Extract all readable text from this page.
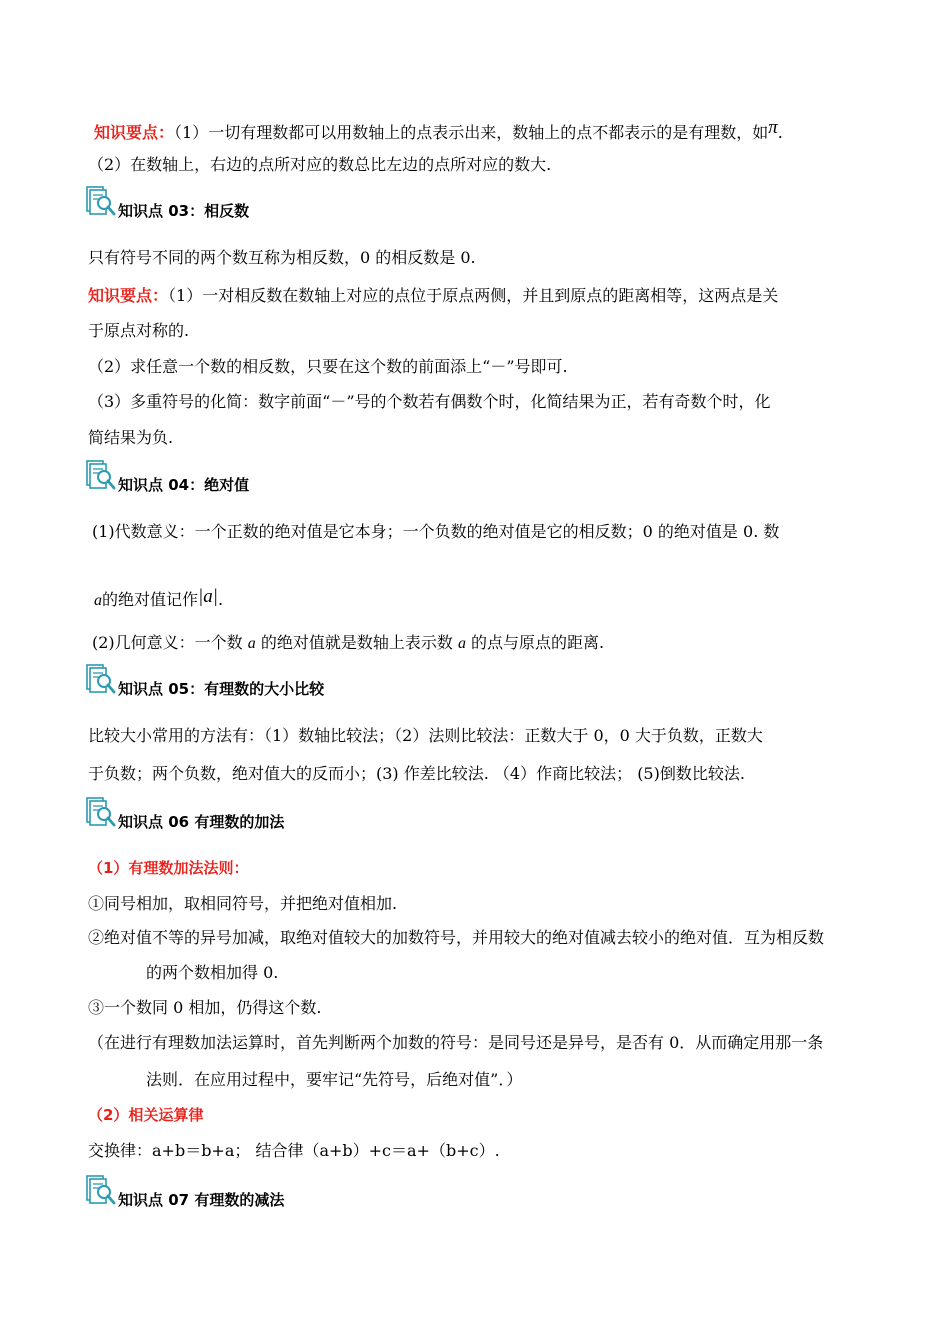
知识要点：（1）一切有理数都可以用数轴上的点表示出来，数轴上的点不都表示的是有理数，如π.
（2）在数轴上，右边的点所对应的数总比左边的点所对应的数大.
知识点 03：相反数
只有符号不同的两个数互称为相反数，0 的相反数是 0.
知识要点：（1）一对相反数在数轴上对应的点位于原点两侧，并且到原点的距离相等，这两点是关
于原点对称的.
（2）求任意一个数的相反数，只要在这个数的前面添上“－”号即可.
（3）多重符号的化简：数字前面“－”号的个数若有偶数个时，化简结果为正，若有奇数个时，化
简结果为负.
知识点 04：绝对值
(1)代数意义：一个正数的绝对值是它本身；一个负数的绝对值是它的相反数；0 的绝对值是 0. 数
a的绝对值记作|a|.
(2)几何意义：一个数 a 的绝对值就是数轴上表示数 a 的点与原点的距离.
知识点 05：有理数的大小比较
比较大小常用的方法有：（1）数轴比较法；（2）法则比较法：正数大于 0，0 大于负数，正数大
于负数；两个负数，绝对值大的反而小；(3) 作差比较法. （4）作商比较法； (5)倒数比较法.
知识点 06 有理数的加法
（1）有理数加法法则：
①同号相加，取相同符号，并把绝对值相加.
②绝对值不等的异号加减，取绝对值较大的加数符号，并用较大的绝对值减去较小的绝对值．互为相反数
的两个数相加得 0.
③一个数同 0 相加，仍得这个数.
（在进行有理数加法运算时，首先判断两个加数的符号：是同号还是异号，是否有 0．从而确定用那一条
法则．在应用过程中，要牢记“先符号，后绝对值”．）
（2）相关运算律
交换律：a+b＝b+a； 结合律（a+b）+c＝a+（b+c）.
知识点 07 有理数的减法
